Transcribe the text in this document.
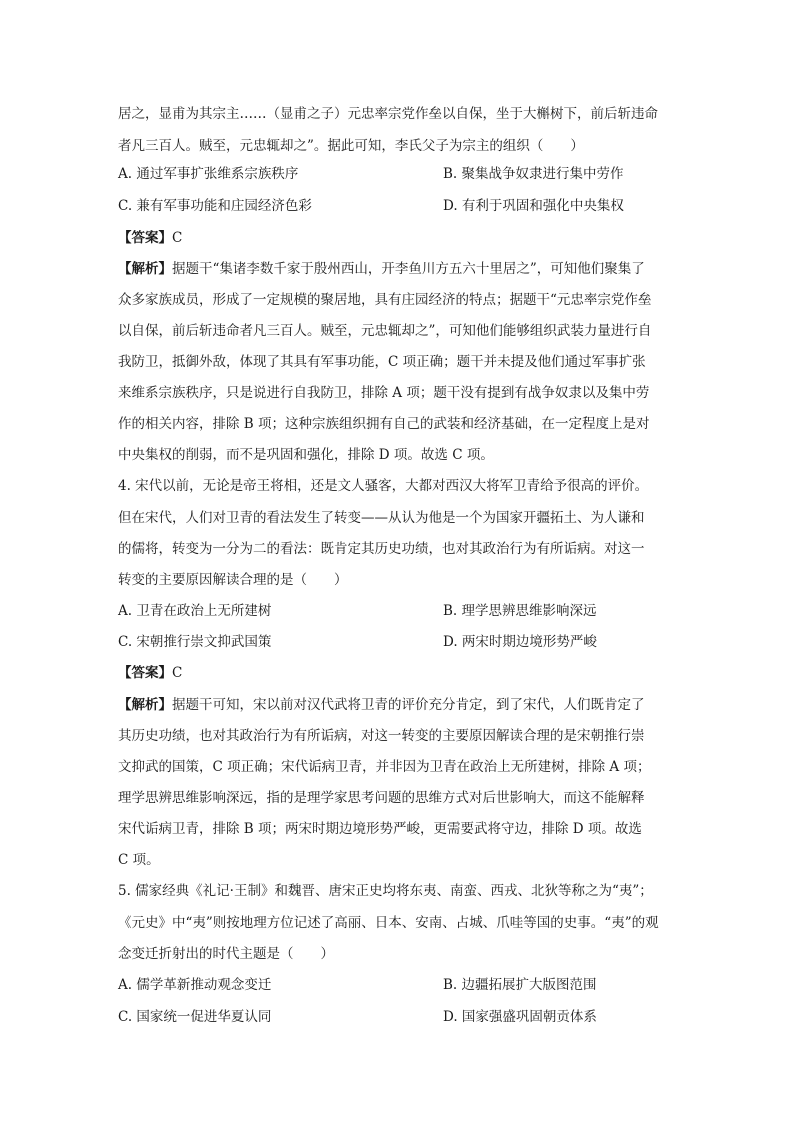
居之，显甫为其宗主……（显甫之子）元忠率宗党作垒以自保，坐于大槲树下，前后斩违命
者凡三百人。贼至，元忠辄却之”。据此可知，李氏父子为宗主的组织（　　）
A. 通过军事扩张维系宗族秩序	B. 聚集战争奴隶进行集中劳作
C. 兼有军事功能和庄园经济色彩	D. 有利于巩固和强化中央集权
【答案】C
【解析】据题干“集诸李数千家于殷州西山，开李鱼川方五六十里居之”，可知他们聚集了
众多家族成员，形成了一定规模的聚居地，具有庄园经济的特点；据题干“元忠率宗党作垒
以自保，前后斩违命者凡三百人。贼至，元忠辄却之”，可知他们能够组织武装力量进行自
我防卫，抵御外敌，体现了其具有军事功能，C 项正确；题干并未提及他们通过军事扩张
来维系宗族秩序，只是说进行自我防卫，排除 A 项；题干没有提到有战争奴隶以及集中劳
作的相关内容，排除 B 项；这种宗族组织拥有自己的武装和经济基础，在一定程度上是对
中央集权的削弱，而不是巩固和强化，排除 D 项。故选 C 项。
4. 宋代以前，无论是帝王将相，还是文人骚客，大都对西汉大将军卫青给予很高的评价。
但在宋代，人们对卫青的看法发生了转变——从认为他是一个为国家开疆拓土、为人谦和
的儒将，转变为一分为二的看法：既肯定其历史功绩，也对其政治行为有所诟病。对这一
转变的主要原因解读合理的是（　　）
A. 卫青在政治上无所建树	B. 理学思辨思维影响深远
C. 宋朝推行崇文抑武国策	D. 两宋时期边境形势严峻
【答案】C
【解析】据题干可知，宋以前对汉代武将卫青的评价充分肯定，到了宋代，人们既肯定了
其历史功绩，也对其政治行为有所诟病，对这一转变的主要原因解读合理的是宋朝推行崇
文抑武的国策，C 项正确；宋代诟病卫青，并非因为卫青在政治上无所建树，排除 A 项；
理学思辨思维影响深远，指的是理学家思考问题的思维方式对后世影响大，而这不能解释
宋代诟病卫青，排除 B 项；两宋时期边境形势严峻，更需要武将守边，排除 D 项。故选
C 项。
5. 儒家经典《礼记·王制》和魏晋、唐宋正史均将东夷、南蛮、西戎、北狄等称之为“夷”；
《元史》中“夷”则按地理方位记述了高丽、日本、安南、占城、爪哇等国的史事。“夷”的观
念变迁折射出的时代主题是（　　）
A. 儒学革新推动观念变迁	B. 边疆拓展扩大版图范围
C. 国家统一促进华夏认同	D. 国家强盛巩固朝贡体系
